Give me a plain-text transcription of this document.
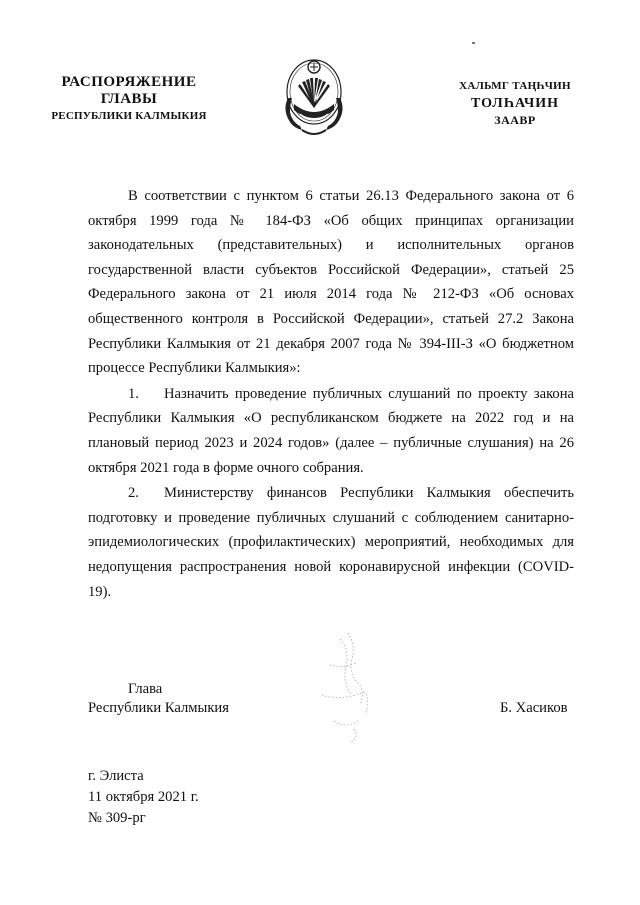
РАСПОРЯЖЕНИЕ
ГЛАВЫ
РЕСПУБЛИКИ КАЛМЫКИЯ
ХАЛЬМГ ТАҢҺЧИН
ТОЛҺАЧИН
ЗААВР

В соответствии с пунктом 6 статьи 26.13 Федерального закона от 6 октября 1999 года № 184-ФЗ «Об общих принципах организации законодательных (представительных) и исполнительных органов государственной власти субъектов Российской Федерации», статьей 25 Федерального закона от 21 июля 2014 года № 212-ФЗ «Об основах общественного контроля в Российской Федерации», статьей 27.2 Закона Республики Калмыкия от 21 декабря 2007 года № 394-III-З «О бюджетном процессе Республики Калмыкия»:

1. Назначить проведение публичных слушаний по проекту закона Республики Калмыкия «О республиканском бюджете на 2022 год и на плановый период 2023 и 2024 годов» (далее – публичные слушания) на 26 октября 2021 года в форме очного собрания.

2. Министерству финансов Республики Калмыкия обеспечить подготовку и проведение публичных слушаний с соблюдением санитарно-эпидемиологических (профилактических) мероприятий, необходимых для недопущения распространения новой коронавирусной инфекции (COVID-19).

Глава
Республики Калмыкия	Б. Хасиков
г. Элиста
11 октября 2021 г.
№ 309-рг
